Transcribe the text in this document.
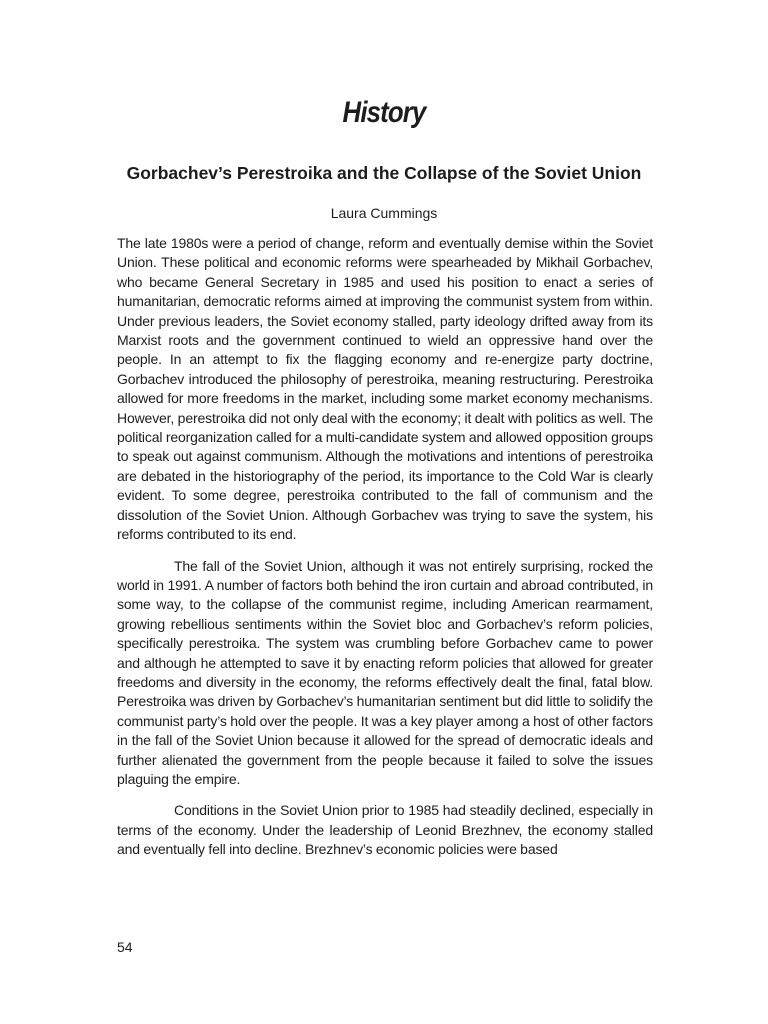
History
Gorbachev’s Perestroika and the Collapse of the Soviet Union
Laura Cummings

The late 1980s were a period of change, reform and eventually demise within the Soviet Union. These political and economic reforms were spearheaded by Mikhail Gorbachev, who became General Secretary in 1985 and used his position to enact a series of humanitarian, democratic reforms aimed at improving the communist system from within. Under previous leaders, the Soviet economy stalled, party ideology drifted away from its Marxist roots and the government continued to wield an oppressive hand over the people. In an attempt to fix the flagging economy and re-energize party doctrine, Gorbachev introduced the philosophy of perestroika, meaning restructuring. Perestroika allowed for more freedoms in the market, including some market economy mechanisms. However, perestroika did not only deal with the economy; it dealt with politics as well. The political reorganization called for a multi-candidate system and allowed opposition groups to speak out against communism. Although the motivations and intentions of perestroika are debated in the historiography of the period, its importance to the Cold War is clearly evident. To some degree, perestroika contributed to the fall of communism and the dissolution of the Soviet Union. Although Gorbachev was trying to save the system, his reforms contributed to its end.

The fall of the Soviet Union, although it was not entirely surprising, rocked the world in 1991. A number of factors both behind the iron curtain and abroad contributed, in some way, to the collapse of the communist regime, including American rearmament, growing rebellious sentiments within the Soviet bloc and Gorbachev’s reform policies, specifically perestroika. The system was crumbling before Gorbachev came to power and although he attempted to save it by enacting reform policies that allowed for greater freedoms and diversity in the economy, the reforms effectively dealt the final, fatal blow. Perestroika was driven by Gorbachev’s humanitarian sentiment but did little to solidify the communist party’s hold over the people. It was a key player among a host of other factors in the fall of the Soviet Union because it allowed for the spread of democratic ideals and further alienated the government from the people because it failed to solve the issues plaguing the empire.

Conditions in the Soviet Union prior to 1985 had steadily declined, especially in terms of the economy. Under the leadership of Leonid Brezhnev, the economy stalled and eventually fell into decline. Brezhnev’s economic policies were based

54
